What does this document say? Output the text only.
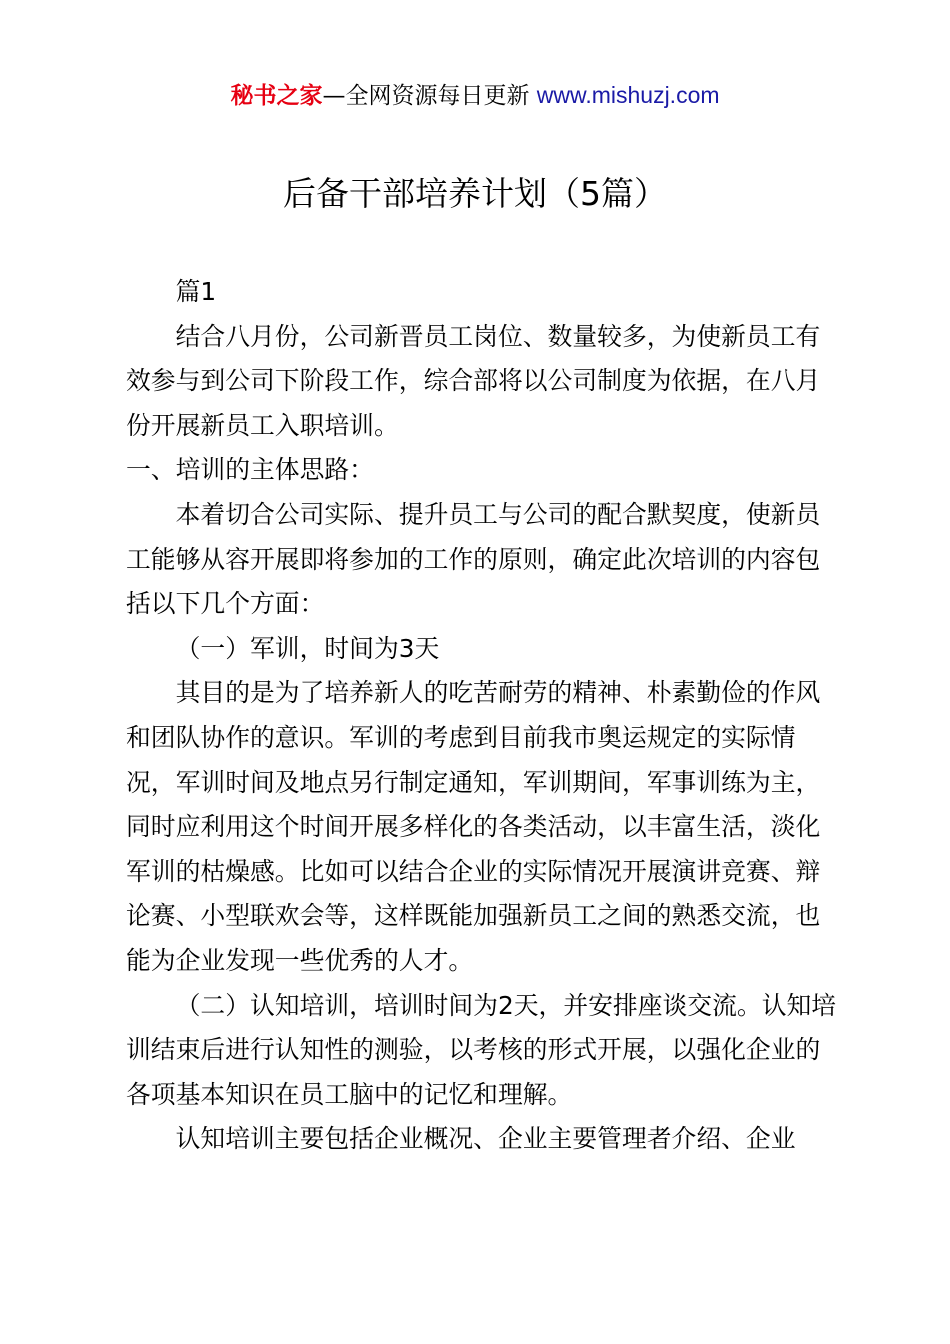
秘书之家—全网资源每日更新 www.mishuzj.com
后备干部培养计划（5篇）

篇1

结合八月份，公司新晋员工岗位、数量较多，为使新员工有效参与到公司下阶段工作，综合部将以公司制度为依据，在八月份开展新员工入职培训。

一、培训的主体思路：

本着切合公司实际、提升员工与公司的配合默契度，使新员工能够从容开展即将参加的工作的原则，确定此次培训的内容包括以下几个方面：

（一）军训，时间为3天

其目的是为了培养新人的吃苦耐劳的精神、朴素勤俭的作风和团队协作的意识。军训的考虑到目前我市奥运规定的实际情况，军训时间及地点另行制定通知，军训期间，军事训练为主，同时应利用这个时间开展多样化的各类活动，以丰富生活，淡化军训的枯燥感。比如可以结合企业的实际情况开展演讲竞赛、辩论赛、小型联欢会等，这样既能加强新员工之间的熟悉交流，也能为企业发现一些优秀的人才。

（二）认知培训，培训时间为2天，并安排座谈交流。认知培训结束后进行认知性的测验，以考核的形式开展，以强化企业的各项基本知识在员工脑中的记忆和理解。

认知培训主要包括企业概况、企业主要管理者介绍、企业
